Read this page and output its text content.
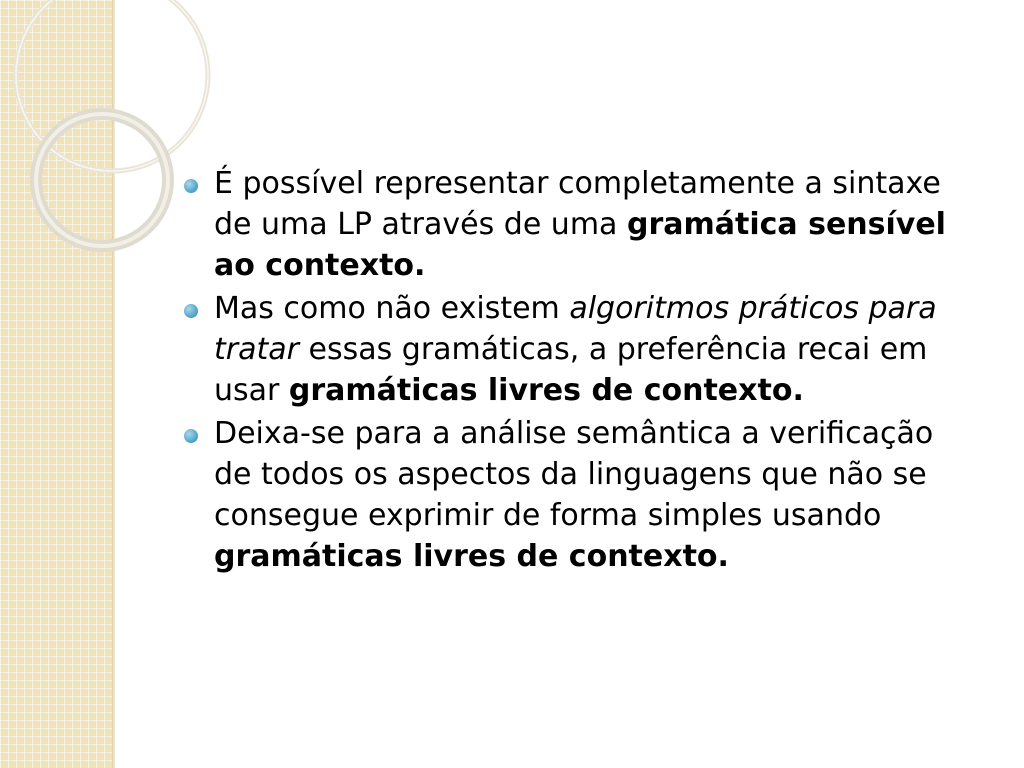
É possível representar completamente a sintaxe de uma LP através de uma gramática sensível ao contexto.
Mas como não existem algoritmos práticos para tratar essas gramáticas, a preferência recai em usar gramáticas livres de contexto.
Deixa-se para a análise semântica a verificação de todos os aspectos da linguagens que não se consegue exprimir de forma simples usando gramáticas livres de contexto.
